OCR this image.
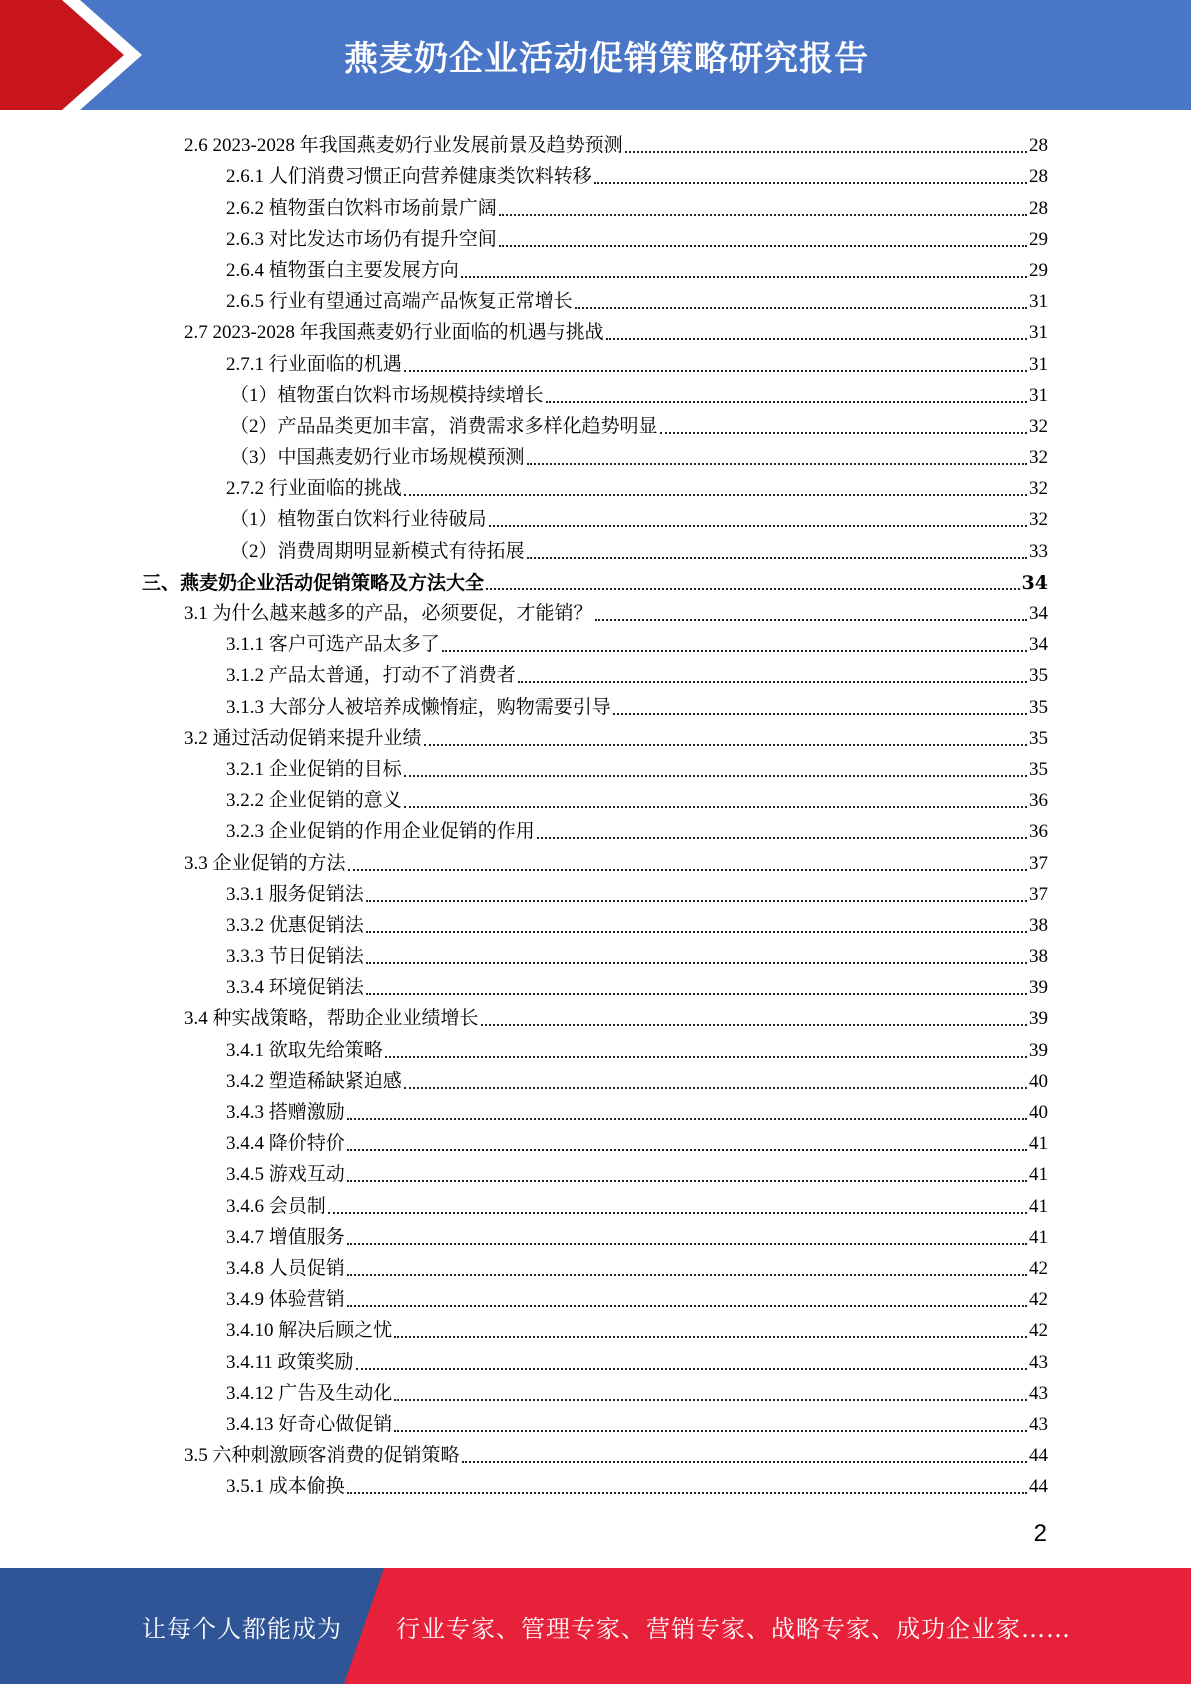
燕麦奶企业活动促销策略研究报告
2.6 2023-2028 年我国燕麦奶行业发展前景及趋势预测	28
2.6.1 人们消费习惯正向营养健康类饮料转移	28
2.6.2 植物蛋白饮料市场前景广阔	28
2.6.3 对比发达市场仍有提升空间	29
2.6.4 植物蛋白主要发展方向	29
2.6.5 行业有望通过高端产品恢复正常增长	31
2.7 2023-2028 年我国燕麦奶行业面临的机遇与挑战	31
2.7.1 行业面临的机遇	31
（1）植物蛋白饮料市场规模持续增长	31
（2）产品品类更加丰富，消费需求多样化趋势明显	32
（3）中国燕麦奶行业市场规模预测	32
2.7.2 行业面临的挑战	32
（1）植物蛋白饮料行业待破局	32
（2）消费周期明显新模式有待拓展	33
三、燕麦奶企业活动促销策略及方法大全	34
3.1 为什么越来越多的产品，必须要促，才能销？	34
3.1.1 客户可选产品太多了	34
3.1.2 产品太普通，打动不了消费者	35
3.1.3 大部分人被培养成懒惰症，购物需要引导	35
3.2 通过活动促销来提升业绩	35
3.2.1 企业促销的目标	35
3.2.2 企业促销的意义	36
3.2.3 企业促销的作用企业促销的作用	36
3.3 企业促销的方法	37
3.3.1 服务促销法	37
3.3.2 优惠促销法	38
3.3.3 节日促销法	38
3.3.4 环境促销法	39
3.4 种实战策略，帮助企业业绩增长	39
3.4.1 欲取先给策略	39
3.4.2 塑造稀缺紧迫感	40
3.4.3 搭赠激励	40
3.4.4 降价特价	41
3.4.5 游戏互动	41
3.4.6 会员制	41
3.4.7 增值服务	41
3.4.8 人员促销	42
3.4.9 体验营销	42
3.4.10 解决后顾之忧	42
3.4.11 政策奖励	43
3.4.12 广告及生动化	43
3.4.13 好奇心做促销	43
3.5 六种刺激顾客消费的促销策略	44
3.5.1 成本偷换	44
2
让每个人都能成为 行业专家、管理专家、营销专家、战略专家、成功企业家……
